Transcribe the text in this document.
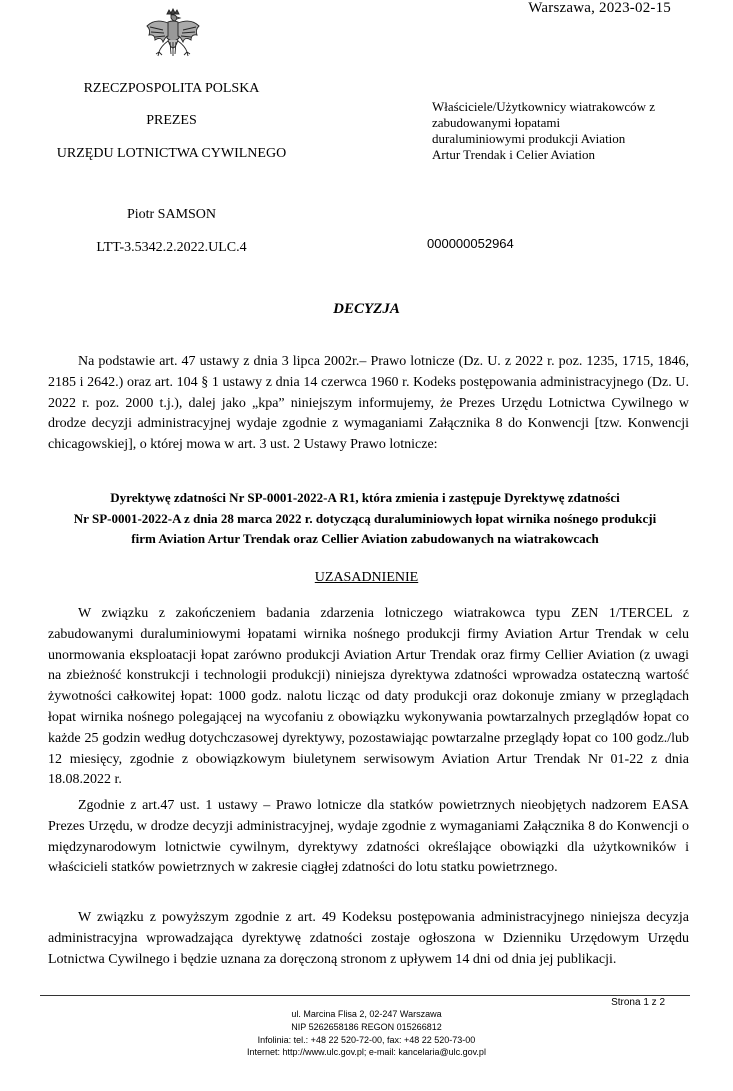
Warszawa, 2023-02-15
RZECZPOSPOLITA POLSKA
PREZES
URZĘDU LOTNICTWA CYWILNEGO
Piotr SAMSON
LTT-3.5342.2.2022.ULC.4
Właściciele/Użytkownicy wiatrakowców z
zabudowanymi łopatami
duraluminiowymi produkcji Aviation
Artur Trendak i Celier Aviation
000000052964
DECYZJA

Na podstawie art. 47 ustawy z dnia 3 lipca 2002r.– Prawo lotnicze (Dz. U. z 2022 r. poz. 1235, 1715, 1846, 2185 i 2642.) oraz art. 104 § 1 ustawy z dnia 14 czerwca 1960 r. Kodeks postępowania administracyjnego (Dz. U. 2022 r. poz. 2000 t.j.), dalej jako „kpa” niniejszym informujemy, że Prezes Urzędu Lotnictwa Cywilnego w drodze decyzji administracyjnej wydaje zgodnie z wymaganiami Załącznika 8 do Konwencji [tzw. Konwencji chicagowskiej], o której mowa w art. 3 ust. 2 Ustawy Prawo lotnicze:

Dyrektywę zdatności Nr SP-0001-2022-A R1, która zmienia i zastępuje Dyrektywę zdatności
Nr SP-0001-2022-A z dnia 28 marca 2022 r. dotyczącą duraluminiowych łopat wirnika nośnego produkcji
firm Aviation Artur Trendak oraz Cellier Aviation zabudowanych na wiatrakowcach
UZASADNIENIE

W związku z zakończeniem badania zdarzenia lotniczego wiatrakowca typu ZEN 1/TERCEL z zabudowanymi duraluminiowymi łopatami wirnika nośnego produkcji firmy Aviation Artur Trendak w celu unormowania eksploatacji łopat zarówno produkcji Aviation Artur Trendak oraz firmy Cellier Aviation (z uwagi na zbieżność konstrukcji i technologii produkcji) niniejsza dyrektywa zdatności wprowadza ostateczną wartość żywotności całkowitej łopat: 1000 godz. nalotu licząc od daty produkcji oraz dokonuje zmiany w przeglądach łopat wirnika nośnego polegającej na wycofaniu z obowiązku wykonywania powtarzalnych przeglądów łopat co każde 25 godzin według dotychczasowej dyrektywy, pozostawiając powtarzalne przeglądy łopat co 100 godz./lub 12 miesięcy, zgodnie z obowiązkowym biuletynem serwisowym Aviation Artur Trendak Nr 01-22 z dnia 18.08.2022 r.

Zgodnie z art.47 ust. 1 ustawy – Prawo lotnicze dla statków powietrznych nieobjętych nadzorem EASA Prezes Urzędu, w drodze decyzji administracyjnej, wydaje zgodnie z wymaganiami Załącznika 8 do Konwencji o międzynarodowym lotnictwie cywilnym, dyrektywy zdatności określające obowiązki dla użytkowników i właścicieli statków powietrznych w zakresie ciągłej zdatności do lotu statku powietrznego.

W związku z powyższym zgodnie z art. 49 Kodeksu postępowania administracyjnego niniejsza decyzja administracyjna wprowadzająca dyrektywę zdatności zostaje ogłoszona w Dzienniku Urzędowym Urzędu Lotnictwa Cywilnego i będzie uznana za doręczoną stronom z upływem 14 dni od dnia jej publikacji.

Strona 1 z 2
ul. Marcina Flisa 2, 02-247 Warszawa
NIP 5262658186 REGON 015266812
Infolinia: tel.: +48 22 520-72-00, fax: +48 22 520-73-00
Internet: http://www.ulc.gov.pl; e-mail: kancelaria@ulc.gov.pl
